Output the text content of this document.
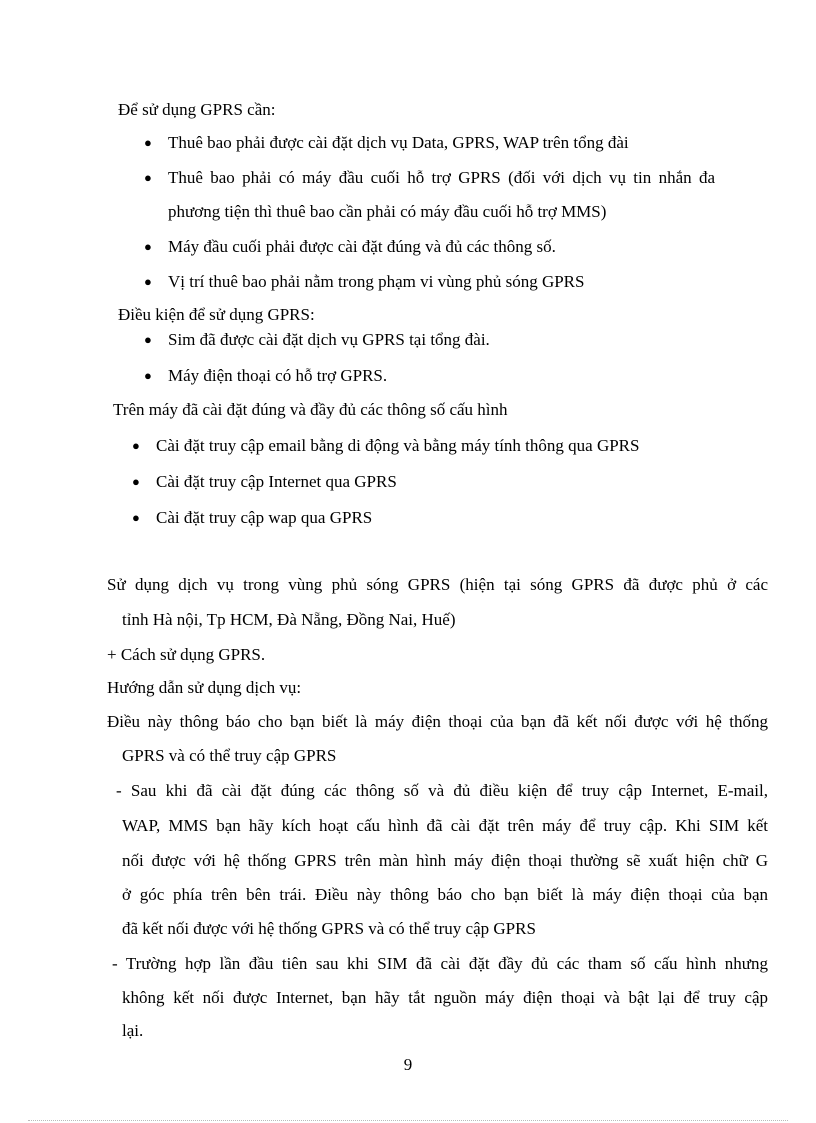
Để sử dụng GPRS cần:
● Thuê bao phải được cài đặt dịch vụ Data, GPRS, WAP trên tổng đài
● Thuê bao phải có máy đầu cuối hỗ trợ GPRS (đối với dịch vụ tin nhắn đa
phương tiện thì thuê bao cần phải có máy đầu cuối hỗ trợ MMS)
● Máy đầu cuối phải được cài đặt đúng và đủ các thông số.
● Vị trí thuê bao phải nằm trong phạm vi vùng phủ sóng GPRS
Điều kiện để sử dụng GPRS:
● Sim đã được cài đặt dịch vụ GPRS tại tổng đài.
● Máy điện thoại có hỗ trợ GPRS.
Trên máy đã cài đặt đúng và đầy đủ các thông số cấu hình
● Cài đặt truy cập email bằng di động và bằng máy tính thông qua GPRS
● Cài đặt truy cập Internet qua GPRS
● Cài đặt truy cập wap qua GPRS
Sử dụng dịch vụ trong vùng phủ sóng GPRS (hiện tại sóng GPRS đã được phủ ở các
tỉnh Hà nội, Tp HCM, Đà Nẵng, Đồng Nai, Huế)
+ Cách sử dụng GPRS.
Hướng dẫn sử dụng dịch vụ:
Điều này thông báo cho bạn biết là máy điện thoại của bạn đã kết nối được với hệ thống
GPRS và có thể truy cập GPRS
- Sau khi đã cài đặt đúng các thông số và đủ điều kiện để truy cập Internet, E-mail,
WAP, MMS bạn hãy kích hoạt cấu hình đã cài đặt trên máy để truy cập. Khi SIM kết
nối được với hệ thống GPRS trên màn hình máy điện thoại thường sẽ xuất hiện chữ G
ở góc phía trên bên trái. Điều này thông báo cho bạn biết là máy điện thoại của bạn
đã kết nối được với hệ thống GPRS và có thể truy cập GPRS
- Trường hợp lần đầu tiên sau khi SIM đã cài đặt đầy đủ các tham số cấu hình nhưng
không kết nối được Internet, bạn hãy tắt nguồn máy điện thoại và bật lại để truy cập
lại.
9
